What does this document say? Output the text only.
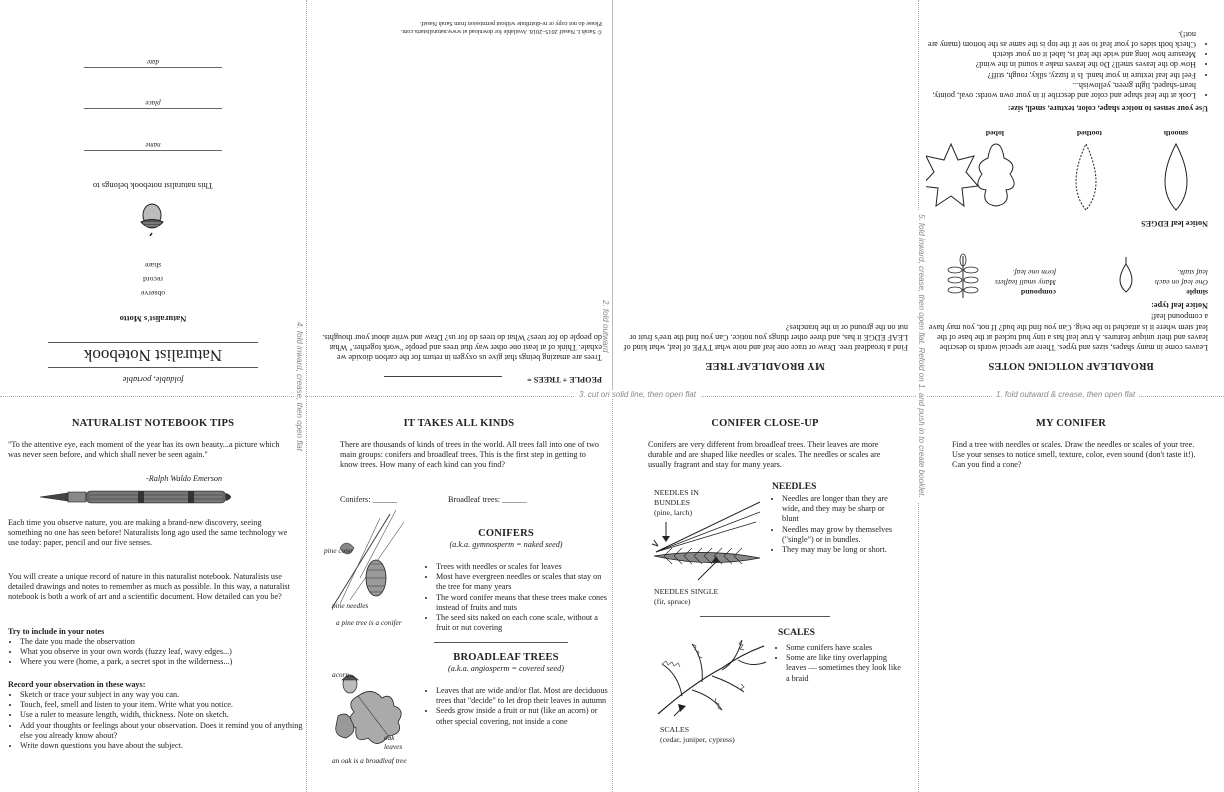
1. fold outward & crease, then open flat
3. cut on solid line, then open flat
2. fold outward
4. fold inward, crease, then open flat	5. fold inward, crease, then open flat. Refold on 1. and push in to create booklet.
foldable, portable
Naturalist Notebook
Naturalist's Motto
observe
record
share
This naturalist notebook belongs to
name
place
date
PEOPLE + TREES =

Trees are amazing beings that give us oxygen in return for the carbon dioxide we exhale. Think of at least one other way that trees and people "work together." What do people do for trees? What do trees do for us? Draw and write about your thoughts.

© Sarah L Nassif 2015–2018. Available for download at www.naturalistarts.com.
Please do not copy or re-distribute without permission from Sarah Nassif.
MY BROADLEAF TREE

Find a broadleaf tree. Draw or trace one leaf and note what TYPE of leaf, what kind of LEAF EDGE it has, and three other things you notice. Can you find the tree's fruit or nut on the ground or in the branches?

BROADLEAF NOTICING NOTES

Leaves come in many shapes, sizes and types. There are special words to describe leaves and their unique features. A true leaf has a tiny bud tucked at the base of the leaf stem where it is attached to the twig. Can you find the bud? If not, you may have a compound leaf!

Notice leaf type:
simple
One leaf on each leaf stalk.
compound
Many small leaflets form one leaf.
Notice leaf EDGES
smooth
toothed
lobed
Use your senses to notice shape, color, texture, smell, size:
• Look at the leaf shape and color and describe it in your own words: oval, pointy, heart-shaped, light green, yellowish...
• Feel the leaf texture in your hand. Is it fuzzy, silky, rough, stiff?
• How do the leaves smell? Do the leaves make a sound in the wind?
• Measure how long and wide the leaf is, label it on your sketch
• Check both sides of your leaf to see if the top is the same as the bottom (many are not!).
NATURALIST NOTEBOOK TIPS

"To the attentive eye, each moment of the year has its own beauty...a picture which was never seen before, and which shall never be seen again."

-Ralph Waldo Emerson

Each time you observe nature, you are making a brand-new discovery, seeing something no one has seen before! Naturalists long ago used the same technology we use today: paper, pencil and our five senses.

You will create a unique record of nature in this naturalist notebook. Naturalists use detailed drawings and notes to remember as much as possible. In this way, a naturalist notebook is both a work of art and a scientific document. How detailed can you be?

Try to include in your notes
• The date you made the observation
• What you observe in your own words (fuzzy leaf, wavy edges...)
• Where you were (home, a park, a secret spot in the wilderness...)
Record your observation in these ways:
• Sketch or trace your subject in any way you can.
• Touch, feel, smell and listen to your item. Write what you notice.
• Use a ruler to measure length, width, thickness. Note on sketch.
• Add your thoughts or feelings about your observation. Does it remind you of anything else you already know about?
• Write down questions you have about the subject.
IT TAKES ALL KINDS

There are thousands of kinds of trees in the world. All trees fall into one of two main groups: conifers and broadleaf trees. This is the first step in getting to know trees. How many of each kind can you find?

Conifers: ______	Broadleaf trees: ______
pine cone
pine needles
a pine tree is a conifer
CONIFERS
(a.k.a. gymnosperm = naked seed)
• Trees with needles or scales for leaves
• Most have evergreen needles or scales that stay on the tree for many years
• The word conifer means that these trees make cones instead of fruits and nuts
• The seed sits naked on each cone scale, without a fruit or nut covering
BROADLEAF TREES
(a.k.a. angiosperm = covered seed)
• Leaves that are wide and/or flat. Most are deciduous trees that "decide" to let drop their leaves in autumn
• Seeds grow inside a fruit or nut (like an acorn) or other special covering, not inside a cone
acorn
oak leaves
an oak is a broadleaf tree
CONIFER CLOSE-UP

Conifers are very different from broadleaf trees. Their leaves are more durable and are shaped like needles or scales. The needles or scales are usually fragrant and stay for many years.

NEEDLES IN BUNDLES
(pine, larch)
NEEDLES SINGLE
(fir, spruce)
NEEDLES
• Needles are longer than they are wide, and they may be sharp or blunt
• Needles may grow by themselves ("single") or in bundles.
• They may may be long or short.
SCALES
• Some conifers have scales
• Some are like tiny overlapping leaves — sometimes they look like a braid
SCALES
(cedar, juniper, cypress)
MY CONIFER

Find a tree with needles or scales. Draw the needles or scales of your tree. Use your senses to notice smell, texture, color, even sound (don't taste it!). Can you find a cone?
